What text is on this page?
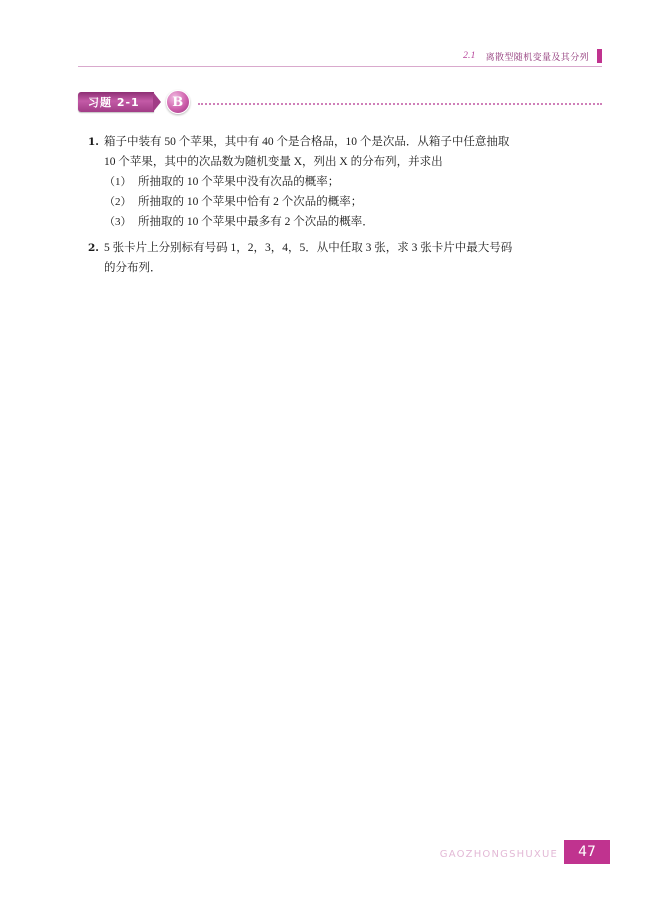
2.1 离散型随机变量及其分列
习题 2-1	B
1. 箱子中装有 50 个苹果，其中有 40 个是合格品，10 个是次品．从箱子中任意抽取

10 个苹果，其中的次品数为随机变量 X，列出 X 的分布列，并求出

（1） 所抽取的 10 个苹果中没有次品的概率；
（2） 所抽取的 10 个苹果中恰有 2 个次品的概率；
（3） 所抽取的 10 个苹果中最多有 2 个次品的概率．
2. 5 张卡片上分别标有号码 1，2，3，4，5．从中任取 3 张，求 3 张卡片中最大号码

的分布列．

GAOZHONGSHUXUE	47
